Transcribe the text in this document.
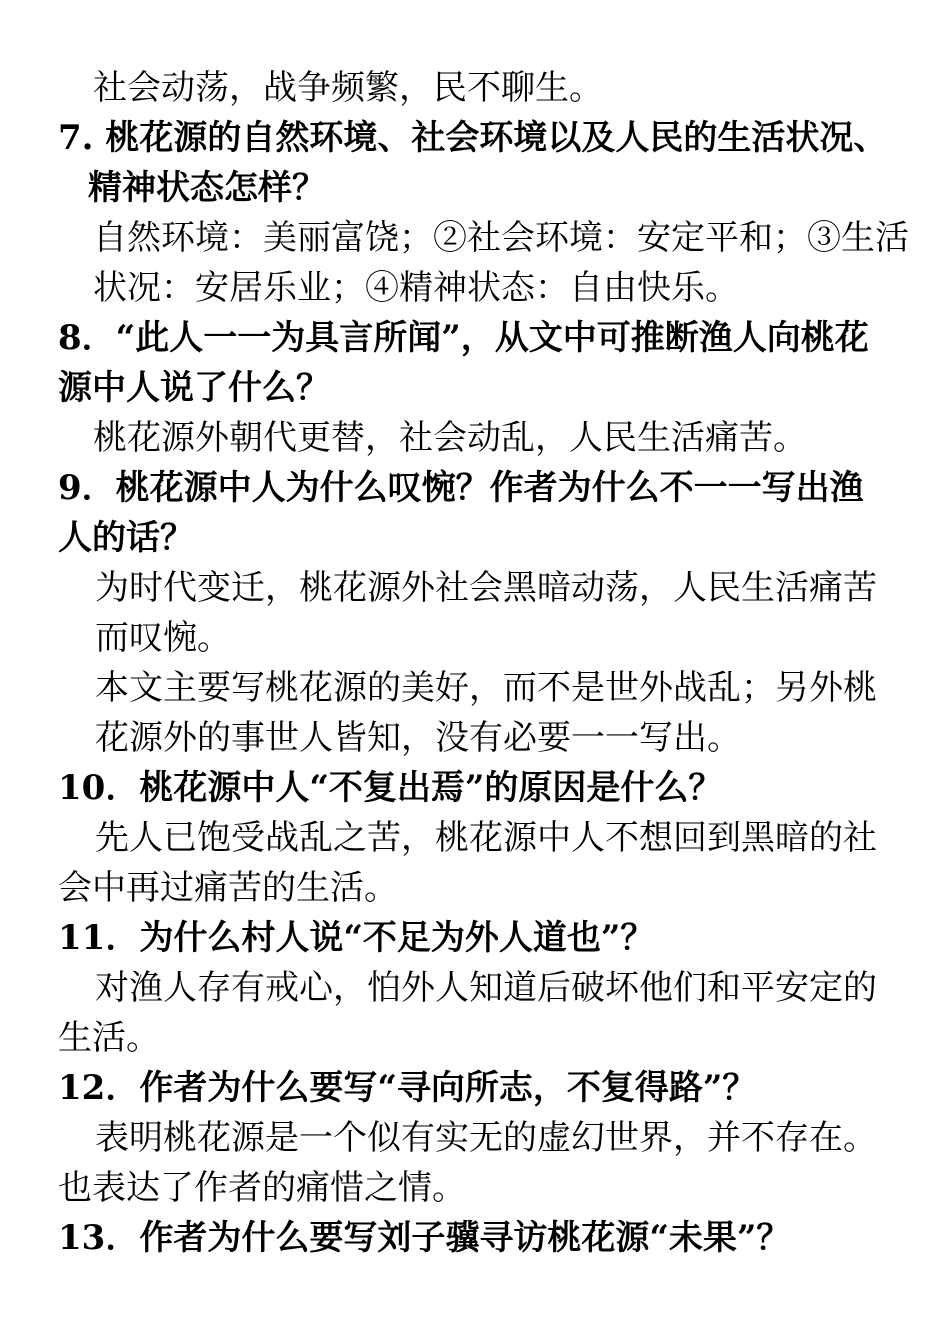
社会动荡，战争频繁，民不聊生。
7. 桃花源的自然环境、社会环境以及人民的生活状况、
精神状态怎样？
自然环境：美丽富饶；②社会环境：安定平和；③生活
状况：安居乐业；④精神状态：自由快乐。
8．“此人一一为具言所闻”，从文中可推断渔人向桃花
源中人说了什么？
桃花源外朝代更替，社会动乱，人民生活痛苦。
9．桃花源中人为什么叹惋？作者为什么不一一写出渔
人的话？
为时代变迁，桃花源外社会黑暗动荡，人民生活痛苦
而叹惋。
本文主要写桃花源的美好，而不是世外战乱；另外桃
花源外的事世人皆知，没有必要一一写出。
10．桃花源中人“不复出焉”的原因是什么？
先人已饱受战乱之苦，桃花源中人不想回到黑暗的社
会中再过痛苦的生活。
11．为什么村人说“不足为外人道也”？
对渔人存有戒心，怕外人知道后破坏他们和平安定的
生活。
12．作者为什么要写“寻向所志，不复得路”？
表明桃花源是一个似有实无的虚幻世界，并不存在。
也表达了作者的痛惜之情。
13．作者为什么要写刘子骥寻访桃花源“未果”？
